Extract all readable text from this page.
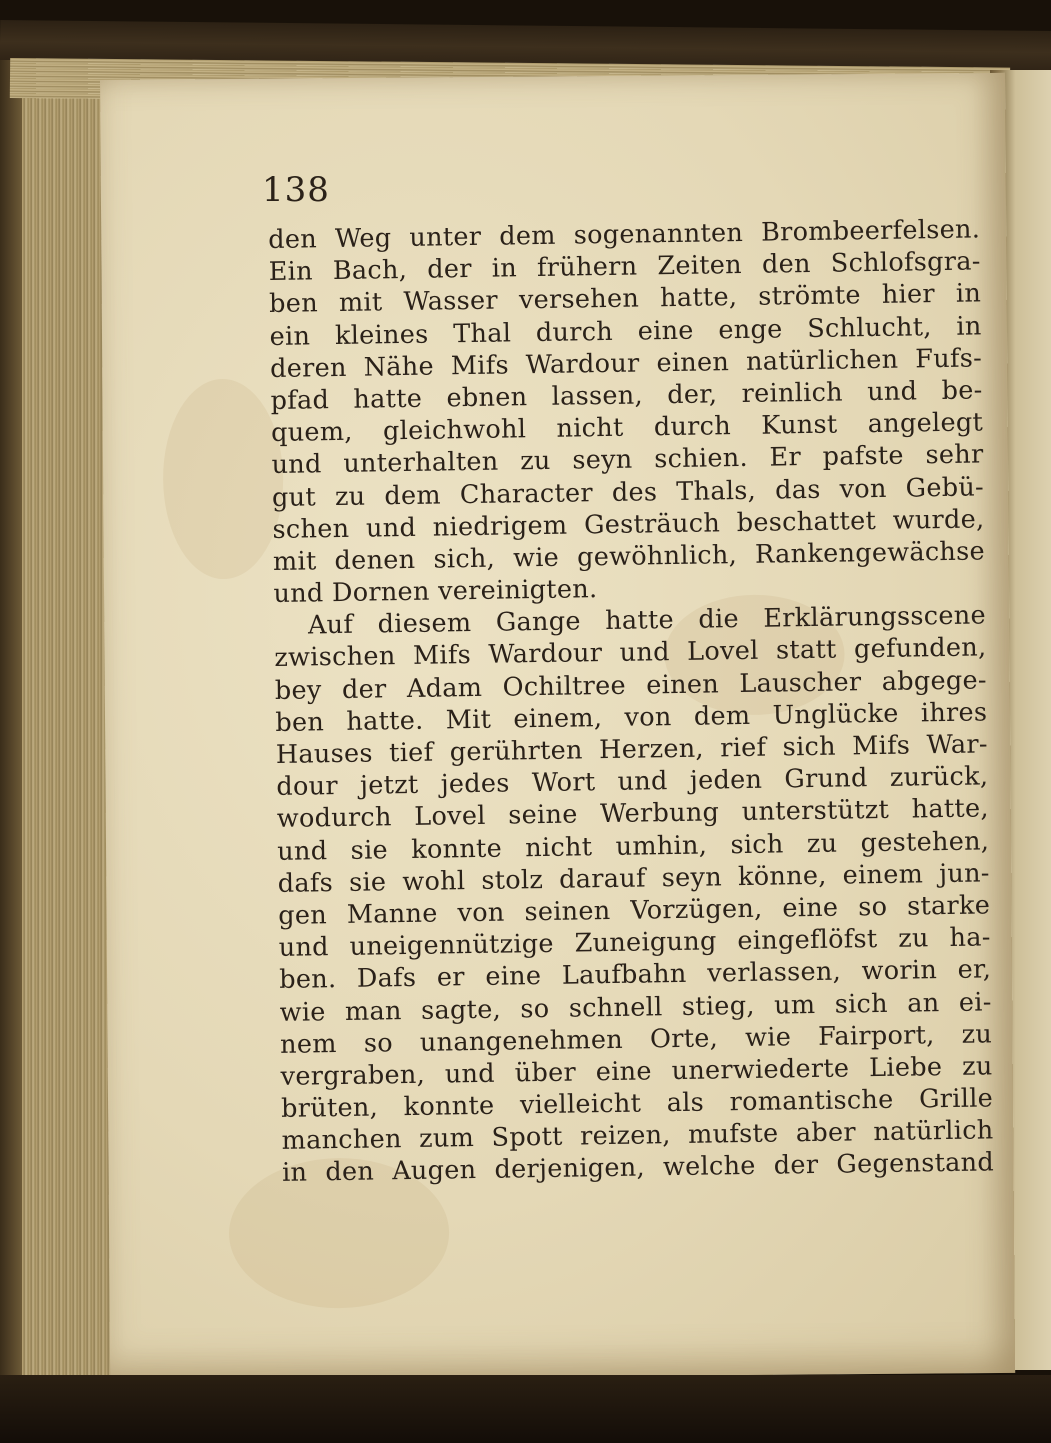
138

den Weg unter dem sogenannten Brombeerfelsen.
Ein Bach, der in frühern Zeiten den Schlofsgra-
ben mit Wasser versehen hatte, strömte hier in
ein kleines Thal durch eine enge Schlucht, in
deren Nähe Mifs Wardour einen natürlichen Fufs-
pfad hatte ebnen lassen, der, reinlich und be-
quem, gleichwohl nicht durch Kunst angelegt
und unterhalten zu seyn schien. Er pafste sehr
gut zu dem Character des Thals, das von Gebü-
schen und niedrigem Gesträuch beschattet wurde,
mit denen sich, wie gewöhnlich, Rankengewächse
und Dornen vereinigten.
Auf diesem Gange hatte die Erklärungsscene
zwischen Mifs Wardour und Lovel statt gefunden,
bey der Adam Ochiltree einen Lauscher abgege-
ben hatte. Mit einem, von dem Unglücke ihres
Hauses tief gerührten Herzen, rief sich Mifs War-
dour jetzt jedes Wort und jeden Grund zurück,
wodurch Lovel seine Werbung unterstützt hatte,
und sie konnte nicht umhin, sich zu gestehen,
dafs sie wohl stolz darauf seyn könne, einem jun-
gen Manne von seinen Vorzügen, eine so starke
und uneigennützige Zuneigung eingeflöfst zu ha-
ben. Dafs er eine Laufbahn verlassen, worin er,
wie man sagte, so schnell stieg, um sich an ei-
nem so unangenehmen Orte, wie Fairport, zu
vergraben, und über eine unerwiederte Liebe zu
brüten, konnte vielleicht als romantische Grille
manchen zum Spott reizen, mufste aber natürlich
in den Augen derjenigen, welche der Gegenstand
